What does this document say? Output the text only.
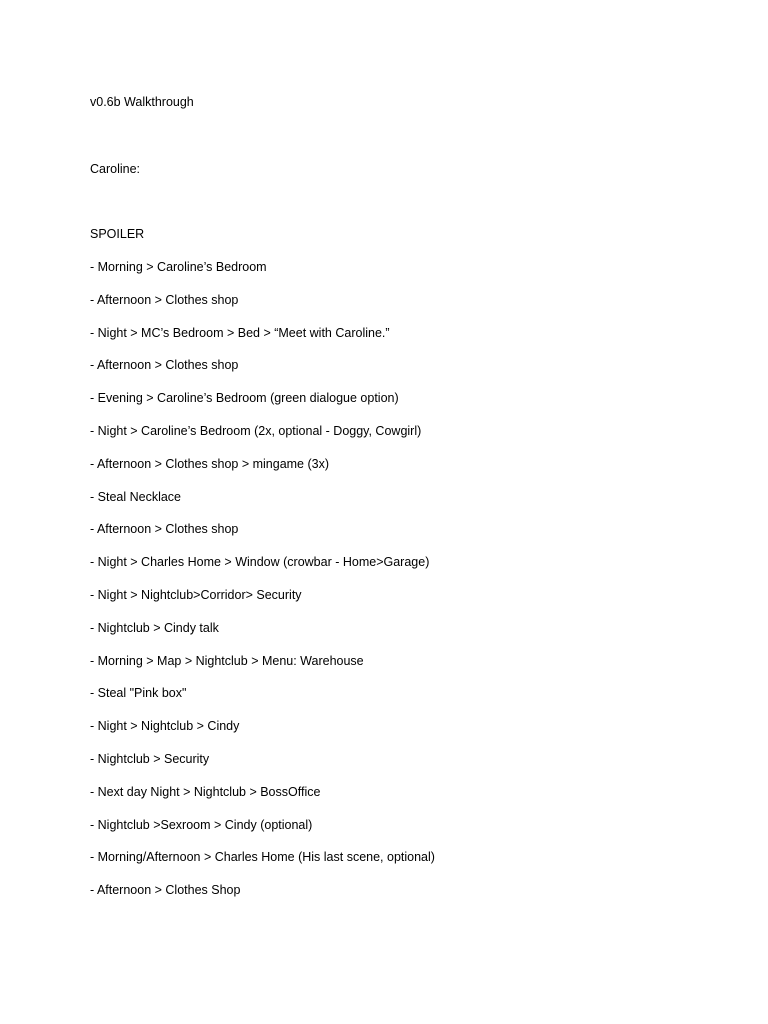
v0.6b Walkthrough
Caroline:
SPOILER
- Morning > Caroline’s Bedroom
- Afternoon > Clothes shop
- Night > MC’s Bedroom > Bed > “Meet with Caroline.”
- Afternoon > Clothes shop
- Evening > Caroline’s Bedroom (green dialogue option)
- Night > Caroline’s Bedroom (2x, optional - Doggy, Cowgirl)
- Afternoon > Clothes shop > mingame (3x)
- Steal Necklace
- Afternoon > Clothes shop
- Night > Charles Home > Window (crowbar - Home>Garage)
- Night > Nightclub>Corridor> Security
- Nightclub > Cindy talk
- Morning > Map > Nightclub > Menu: Warehouse
- Steal "Pink box"
- Night > Nightclub > Cindy
- Nightclub > Security
- Next day Night > Nightclub > BossOffice
- Nightclub >Sexroom > Cindy (optional)
- Morning/Afternoon > Charles Home (His last scene, optional)
- Afternoon > Clothes Shop
